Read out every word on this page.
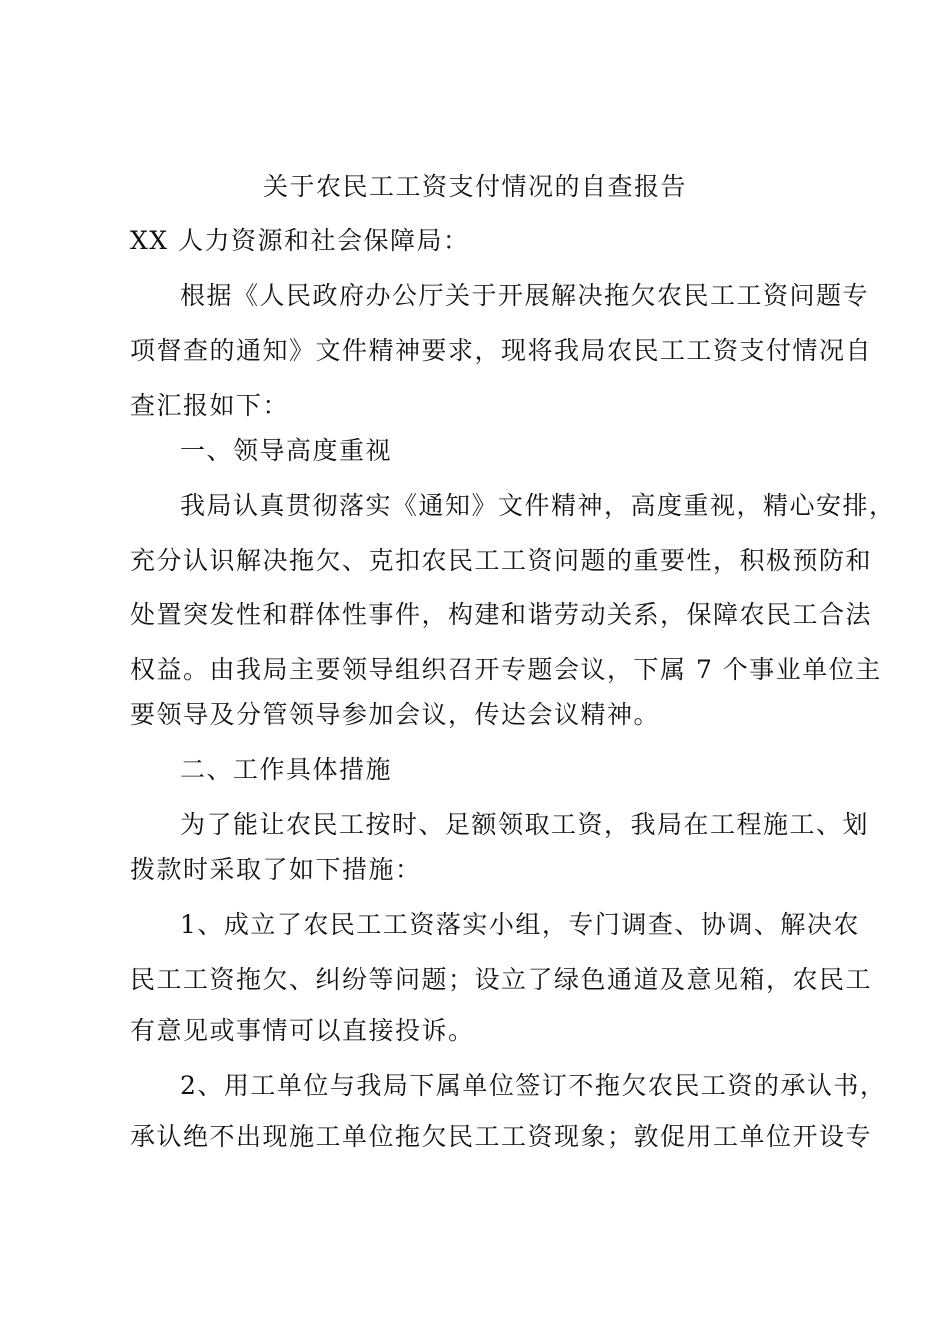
关于农民工工资支付情况的自查报告

XX 人力资源和社会保障局：

根据《人民政府办公厅关于开展解决拖欠农民工工资问题专

项督查的通知》文件精神要求，现将我局农民工工资支付情况自

查汇报如下：

一、领导高度重视

我局认真贯彻落实《通知》文件精神，高度重视，精心安排，

充分认识解决拖欠、克扣农民工工资问题的重要性，积极预防和

处置突发性和群体性事件，构建和谐劳动关系，保障农民工合法

权益。由我局主要领导组织召开专题会议，下属 7 个事业单位主

要领导及分管领导参加会议，传达会议精神。

二、工作具体措施

为了能让农民工按时、足额领取工资，我局在工程施工、划

拨款时采取了如下措施：

1、成立了农民工工资落实小组，专门调查、协调、解决农

民工工资拖欠、纠纷等问题；设立了绿色通道及意见箱，农民工

有意见或事情可以直接投诉。

2、用工单位与我局下属单位签订不拖欠农民工资的承认书，

承认绝不出现施工单位拖欠民工工资现象；敦促用工单位开设专
